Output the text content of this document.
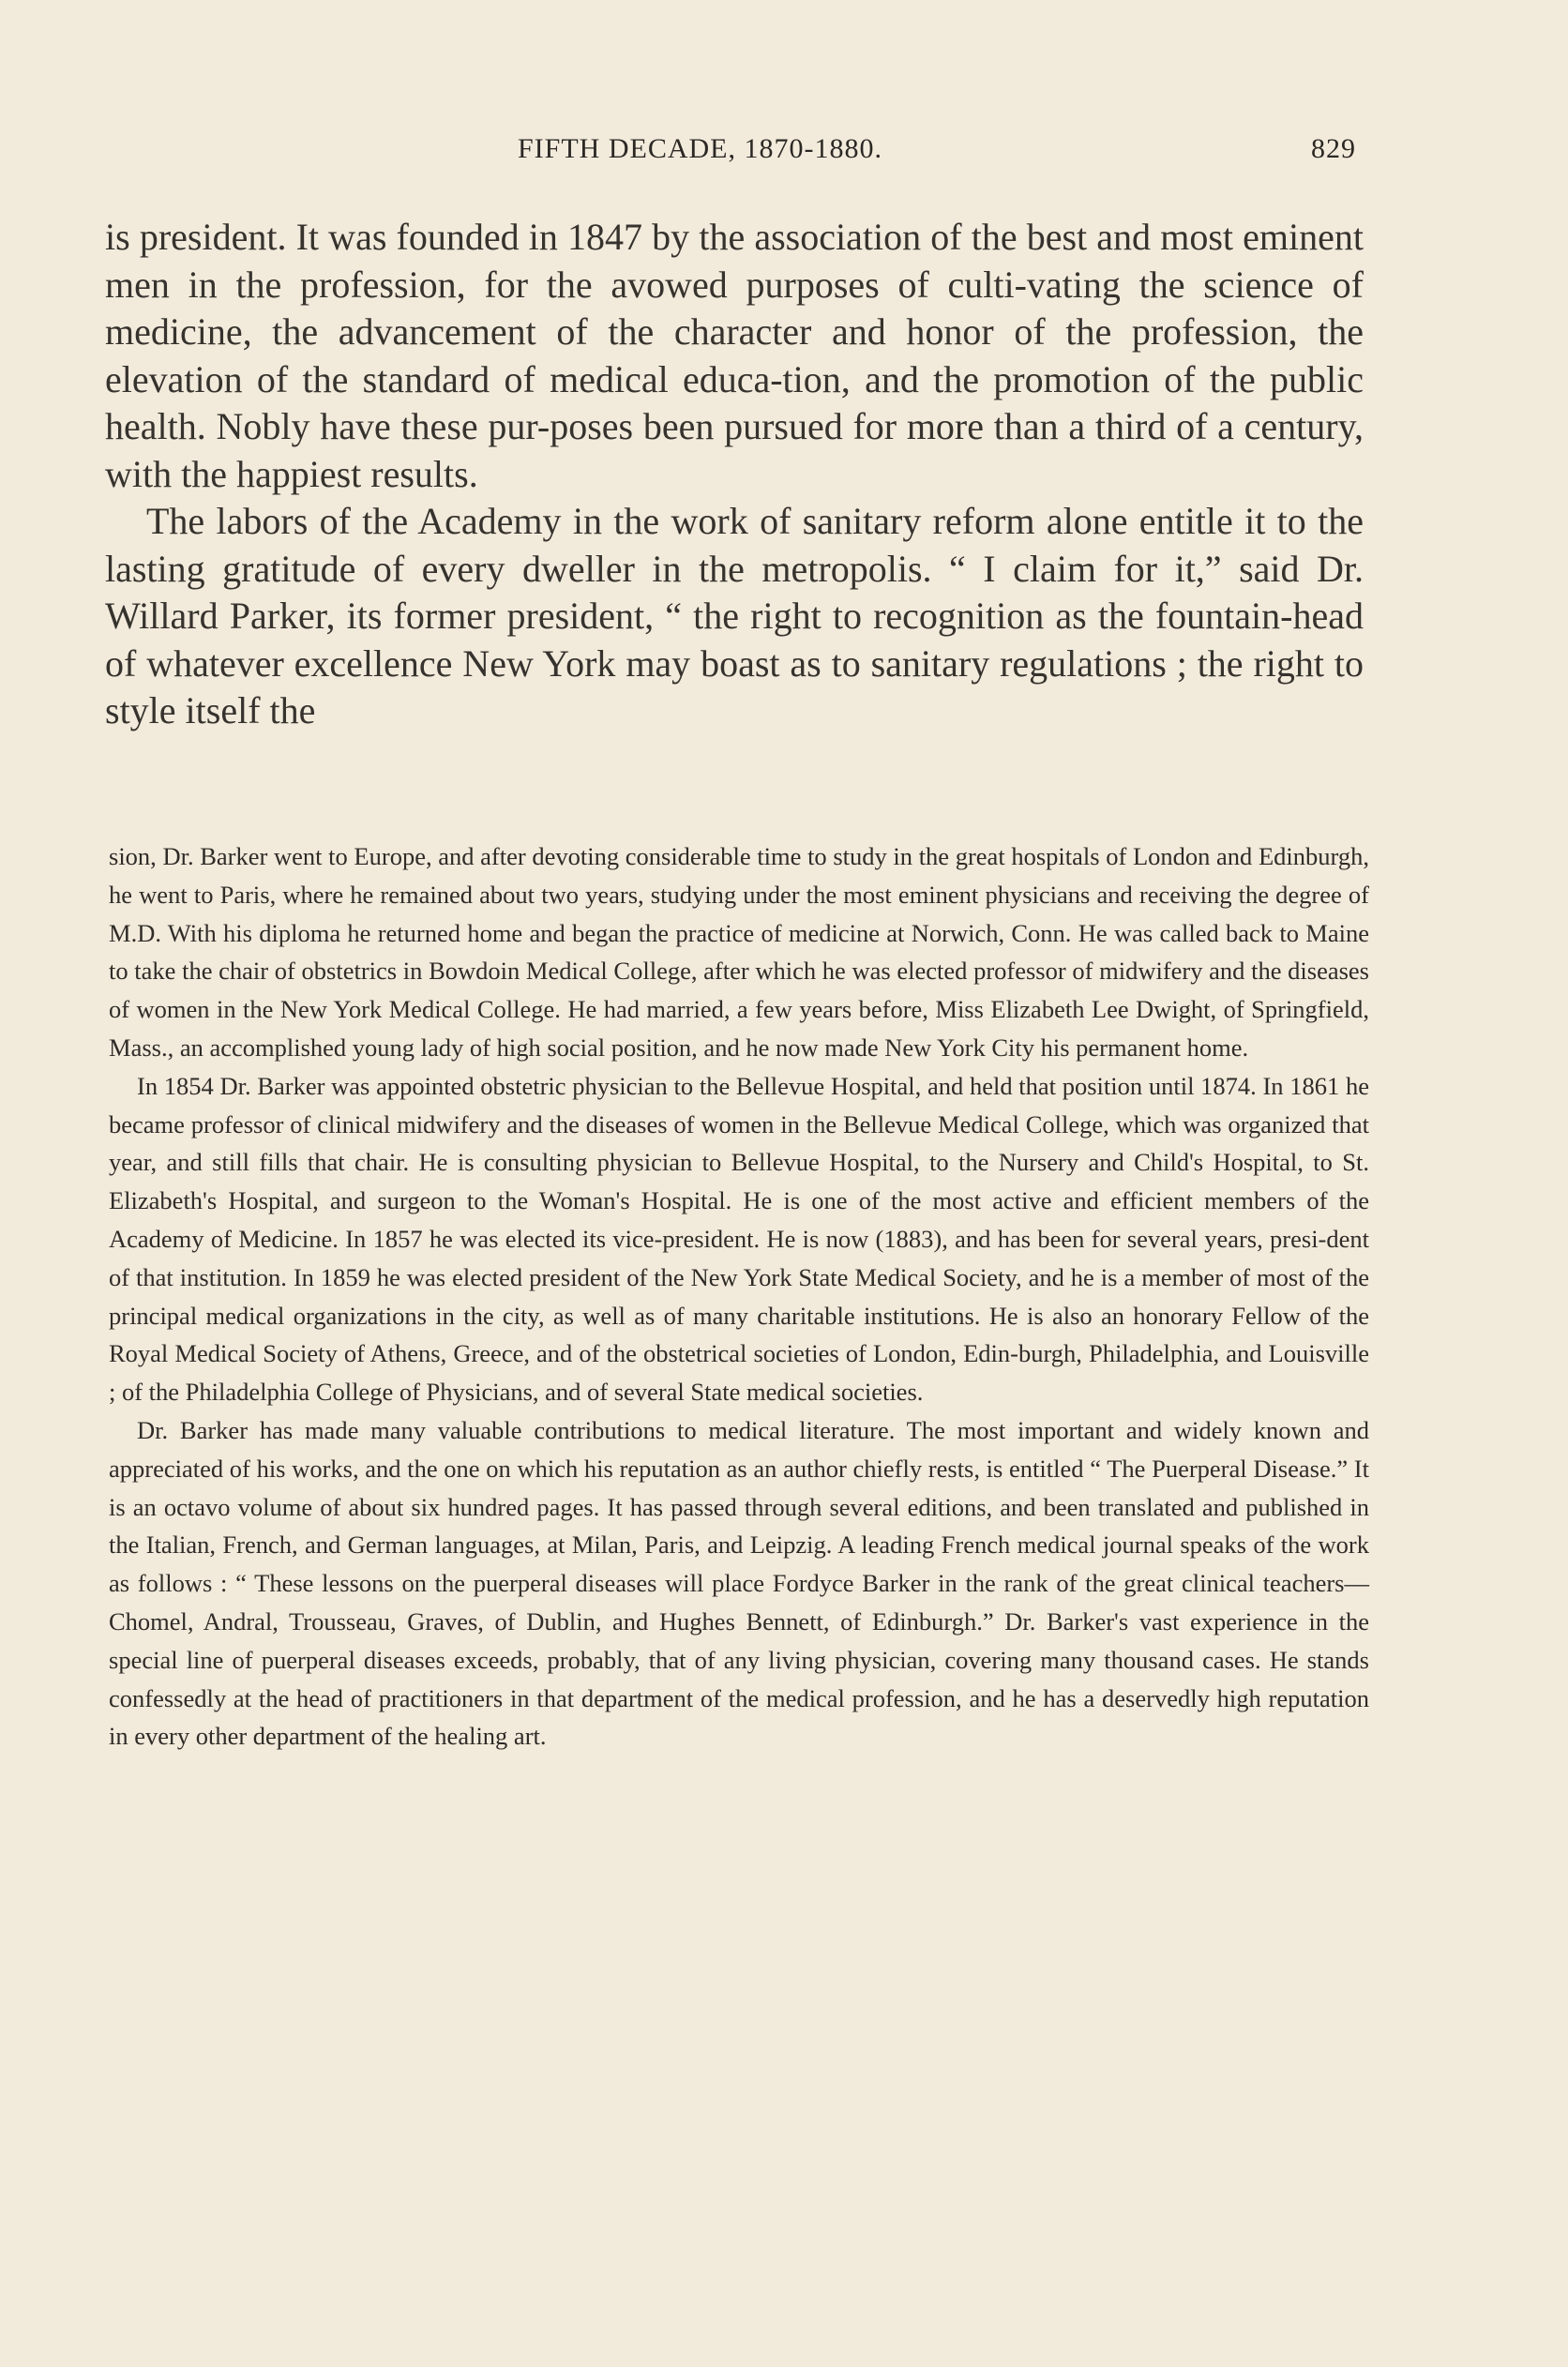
FIFTH DECADE, 1870-1880.	829

is president. It was founded in 1847 by the association of the best and most eminent men in the profession, for the avowed purposes of culti-vating the science of medicine, the advancement of the character and honor of the profession, the elevation of the standard of medical educa-tion, and the promotion of the public health. Nobly have these pur-poses been pursued for more than a third of a century, with the happiest results.

The labors of the Academy in the work of sanitary reform alone entitle it to the lasting gratitude of every dweller in the metropolis. “ I claim for it,” said Dr. Willard Parker, its former president, “ the right to recognition as the fountain-head of whatever excellence New York may boast as to sanitary regulations ; the right to style itself the

sion, Dr. Barker went to Europe, and after devoting considerable time to study in the great hospitals of London and Edinburgh, he went to Paris, where he remained about two years, studying under the most eminent physicians and receiving the degree of M.D. With his diploma he returned home and began the practice of medicine at Norwich, Conn. He was called back to Maine to take the chair of obstetrics in Bowdoin Medical College, after which he was elected professor of midwifery and the diseases of women in the New York Medical College. He had married, a few years before, Miss Elizabeth Lee Dwight, of Springfield, Mass., an accomplished young lady of high social position, and he now made New York City his permanent home.

In 1854 Dr. Barker was appointed obstetric physician to the Bellevue Hospital, and held that position until 1874. In 1861 he became professor of clinical midwifery and the diseases of women in the Bellevue Medical College, which was organized that year, and still fills that chair. He is consulting physician to Bellevue Hospital, to the Nursery and Child's Hospital, to St. Elizabeth's Hospital, and surgeon to the Woman's Hospital. He is one of the most active and efficient members of the Academy of Medicine. In 1857 he was elected its vice-president. He is now (1883), and has been for several years, presi-dent of that institution. In 1859 he was elected president of the New York State Medical Society, and he is a member of most of the principal medical organizations in the city, as well as of many charitable institutions. He is also an honorary Fellow of the Royal Medical Society of Athens, Greece, and of the obstetrical societies of London, Edin-burgh, Philadelphia, and Louisville ; of the Philadelphia College of Physicians, and of several State medical societies.

Dr. Barker has made many valuable contributions to medical literature. The most important and widely known and appreciated of his works, and the one on which his reputation as an author chiefly rests, is entitled “ The Puerperal Disease.” It is an octavo volume of about six hundred pages. It has passed through several editions, and been translated and published in the Italian, French, and German languages, at Milan, Paris, and Leipzig. A leading French medical journal speaks of the work as follows : “ These lessons on the puerperal diseases will place Fordyce Barker in the rank of the great clinical teachers—Chomel, Andral, Trousseau, Graves, of Dublin, and Hughes Bennett, of Edinburgh.” Dr. Barker's vast experience in the special line of puerperal diseases exceeds, probably, that of any living physician, covering many thousand cases. He stands confessedly at the head of practitioners in that department of the medical profession, and he has a deservedly high reputation in every other department of the healing art.
